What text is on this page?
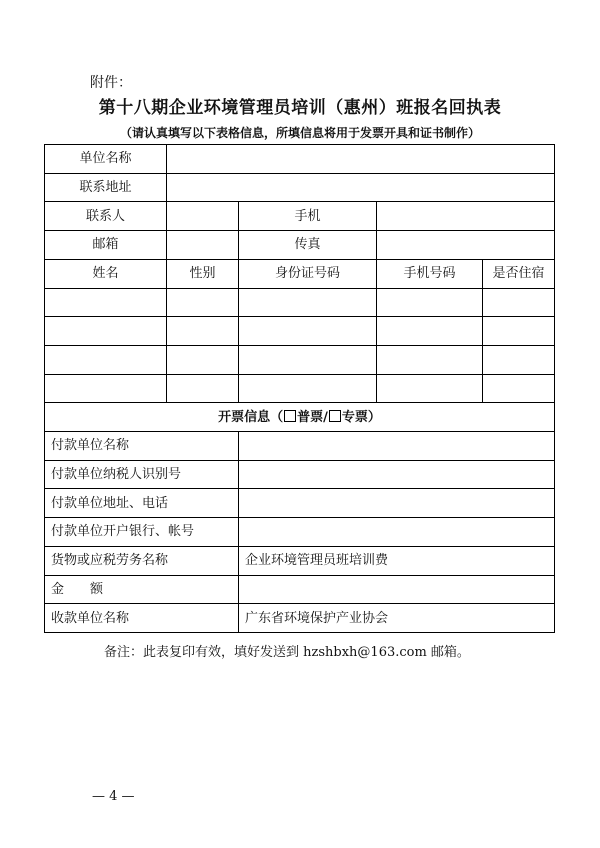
附件：
第十八期企业环境管理员培训（惠州）班报名回执表
（请认真填写以下表格信息，所填信息将用于发票开具和证书制作）
单位名称				
联系地址				
联系人		手机		
邮箱		传真		
姓名	性别	身份证号码	手机号码	是否住宿

开票信息（ 普票/ 专票）				
付款单位名称				
付款单位纳税人识别号				
付款单位地址、电话				
付款单位开户银行、帐号				
货物或应税劳务名称		企业环境管理员班培训费		
金　　额				
收款单位名称		广东省环境保护产业协会		
备注：此表复印有效，填好发送到 hzshbxh@163.com 邮箱。
— 4 —
